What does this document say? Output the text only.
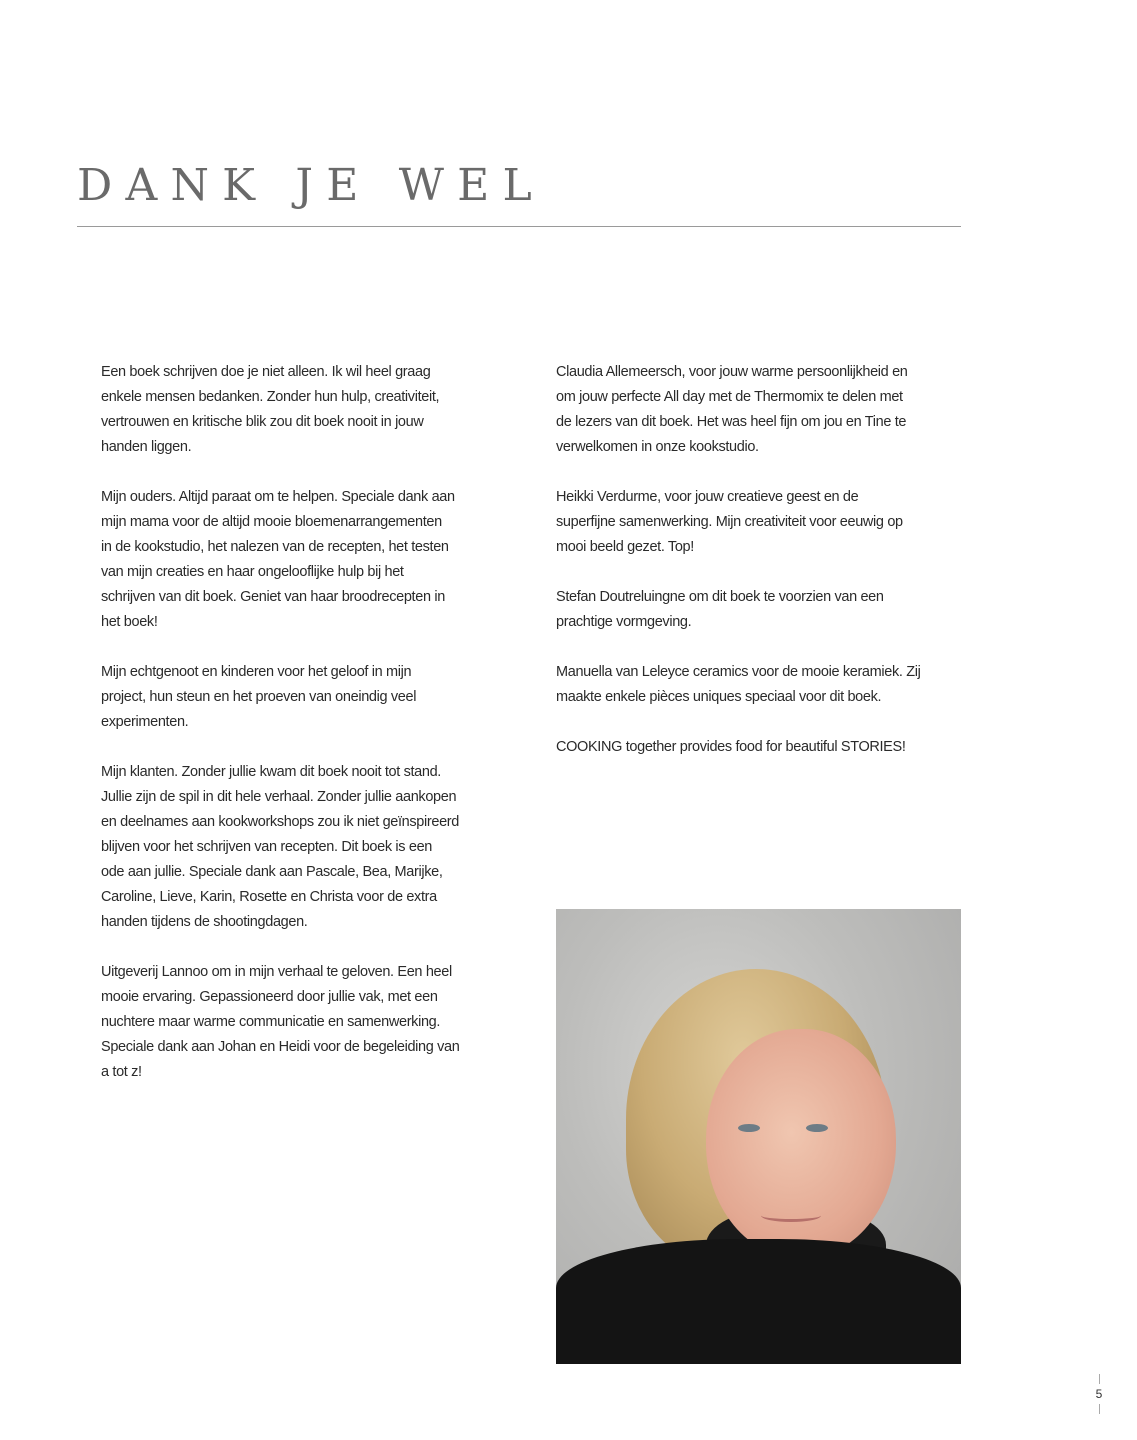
DANK JE WEL

Een boek schrijven doe je niet alleen. Ik wil heel graag
enkele mensen bedanken. Zonder hun hulp, creativiteit,
vertrouwen en kritische blik zou dit boek nooit in jouw
handen liggen.

Mijn ouders. Altijd paraat om te helpen. Speciale dank aan
mijn mama voor de altijd mooie bloemenarrangementen
in de kookstudio, het nalezen van de recepten, het testen
van mijn creaties en haar ongelooflijke hulp bij het
schrijven van dit boek. Geniet van haar broodrecepten in
het boek!

Mijn echtgenoot en kinderen voor het geloof in mijn
project, hun steun en het proeven van oneindig veel
experimenten.

Mijn klanten. Zonder jullie kwam dit boek nooit tot stand.
Jullie zijn de spil in dit hele verhaal. Zonder jullie aankopen
en deelnames aan kookworkshops zou ik niet geïnspireerd
blijven voor het schrijven van recepten. Dit boek is een
ode aan jullie. Speciale dank aan Pascale, Bea, Marijke,
Caroline, Lieve, Karin, Rosette en Christa voor de extra
handen tijdens de shootingdagen.

Uitgeverij Lannoo om in mijn verhaal te geloven. Een heel
mooie ervaring. Gepassioneerd door jullie vak, met een
nuchtere maar warme communicatie en samenwerking.
Speciale dank aan Johan en Heidi voor de begeleiding van
a tot z!

Claudia Allemeersch, voor jouw warme persoonlijkheid en
om jouw perfecte All day met de Thermomix te delen met
de lezers van dit boek. Het was heel fijn om jou en Tine te
verwelkomen in onze kookstudio.

Heikki Verdurme, voor jouw creatieve geest en de
superfijne samenwerking. Mijn creativiteit voor eeuwig op
mooi beeld gezet. Top!

Stefan Doutreluingne om dit boek te voorzien van een
prachtige vormgeving.

Manuella van Leleyce ceramics voor de mooie keramiek. Zij
maakte enkele pièces uniques speciaal voor dit boek.

COOKING together provides food for beautiful STORIES!

5
